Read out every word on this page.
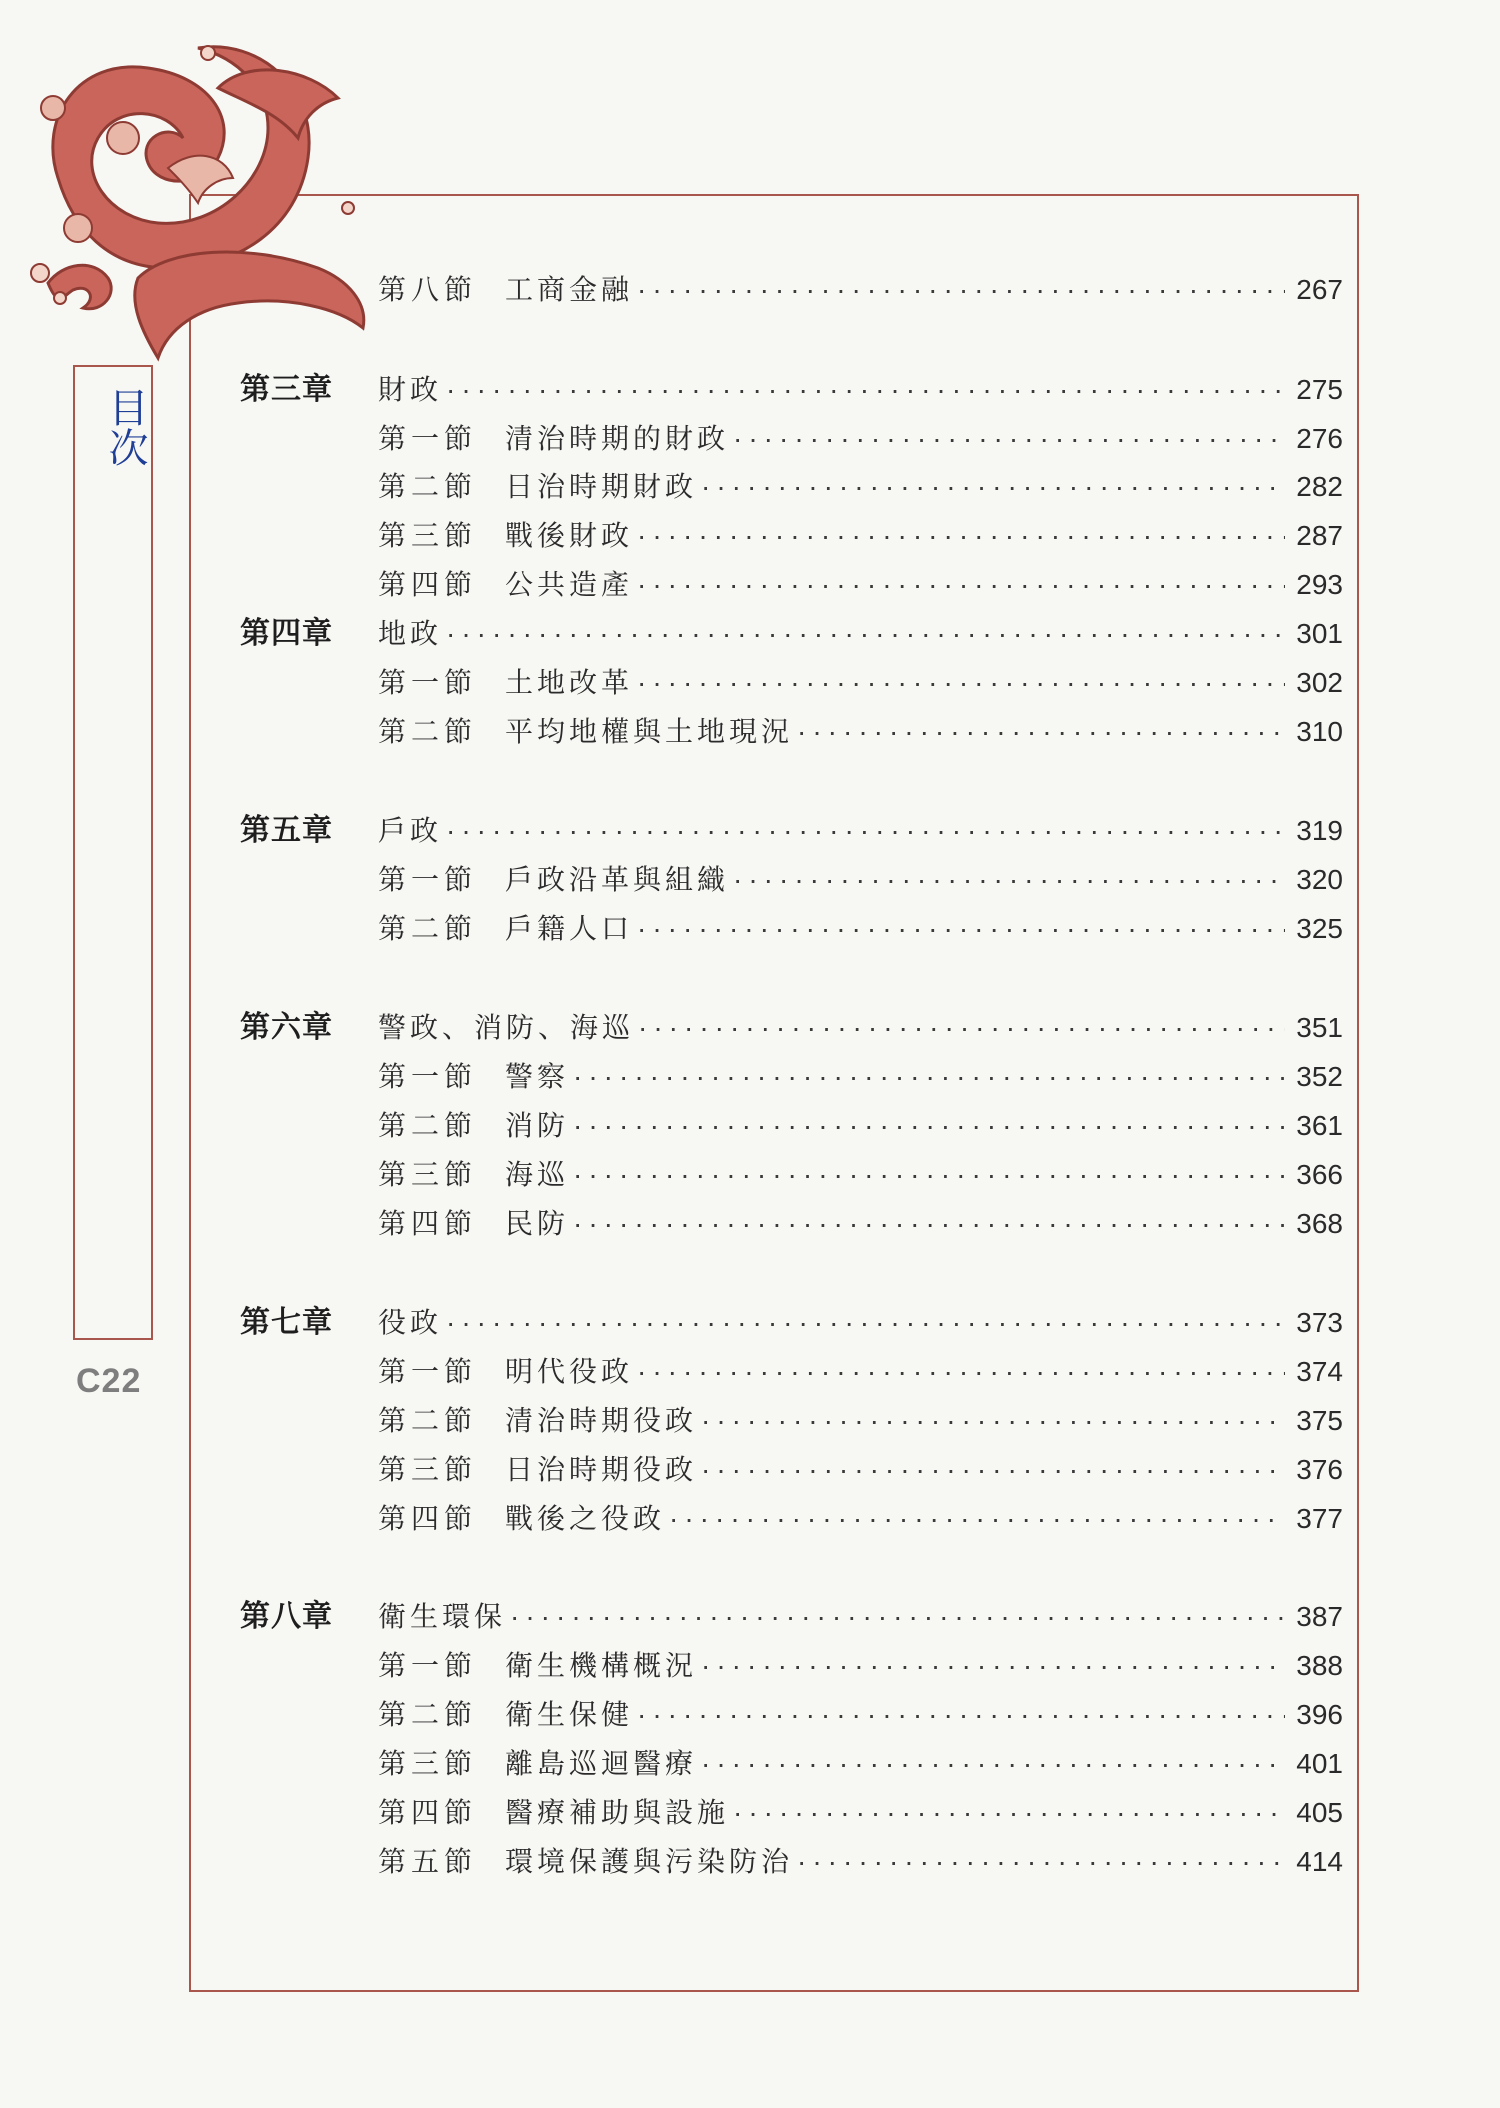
目次
C22
第八節 工商金融 ·····	267
第三章 財政 ·····	275
第一節 清治時期的財政 ·····	276
第二節 日治時期財政 ·····	282
第三節 戰後財政 ·····	287
第四節 公共造產 ·····	293
第四章 地政 ·····	301
第一節 土地改革 ·····	302
第二節 平均地權與土地現況 ·····	310
第五章 戶政 ·····	319
第一節 戶政沿革與組織 ·····	320
第二節 戶籍人口 ·····	325
第六章 警政、消防、海巡 ·····	351
第一節 警察 ·····	352
第二節 消防 ·····	361
第三節 海巡 ·····	366
第四節 民防 ·····	368
第七章 役政 ·····	373
第一節 明代役政 ·····	374
第二節 清治時期役政 ·····	375
第三節 日治時期役政 ·····	376
第四節 戰後之役政 ·····	377
第八章 衛生環保 ·····	387
第一節 衛生機構概況 ·····	388
第二節 衛生保健 ·····	396
第三節 離島巡迴醫療 ·····	401
第四節 醫療補助與設施 ·····	405
第五節 環境保護與污染防治 ·····	414
